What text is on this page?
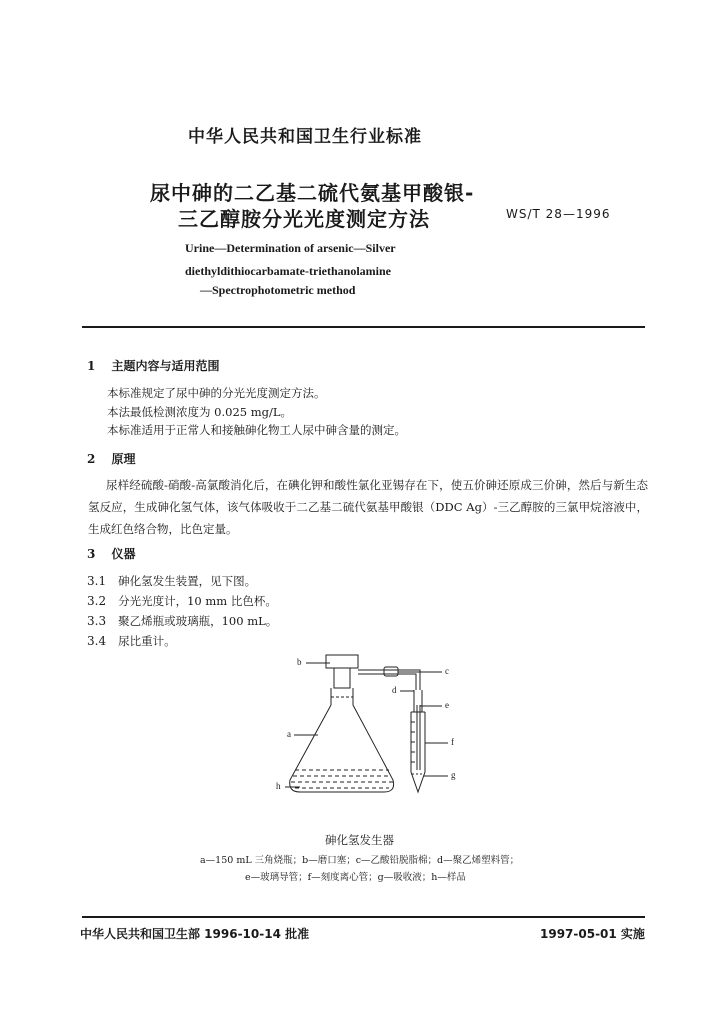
中华人民共和国卫生行业标准
尿中砷的二乙基二硫代氨基甲酸银-
三乙醇胺分光光度测定方法	WS/T 28—1996
Urine—Determination of arsenic—Silver
diethyldithiocarbamate-triethanolamine
—Spectrophotometric method
1 主题内容与适用范围
本标准规定了尿中砷的分光光度测定方法。
本法最低检测浓度为 0.025 mg/L。
本标准适用于正常人和接触砷化物工人尿中砷含量的测定。
2 原理
尿样经硫酸-硝酸-高氯酸消化后，在碘化钾和酸性氯化亚锡存在下，使五价砷还原成三价砷，然后与新生态氢反应，生成砷化氢气体，该气体吸收于二乙基二硫代氨基甲酸银（DDC Ag）-三乙醇胺的三氯甲烷溶液中，生成红色络合物，比色定量。
3 仪器
3.1 砷化氢发生装置，见下图。
3.2 分光光度计，10 mm 比色杯。
3.3 聚乙烯瓶或玻璃瓶，100 mL。
3.4 尿比重计。
b
c
d
e
a
f
g
h
砷化氢发生器
a—150 mL 三角烧瓶；b—磨口塞；c—乙酸铅脱脂棉；d—聚乙烯塑料管；
e—玻璃导管；f—刻度离心管；g—吸收液；h—样品
中华人民共和国卫生部 1996-10-14 批准	1997-05-01 实施
